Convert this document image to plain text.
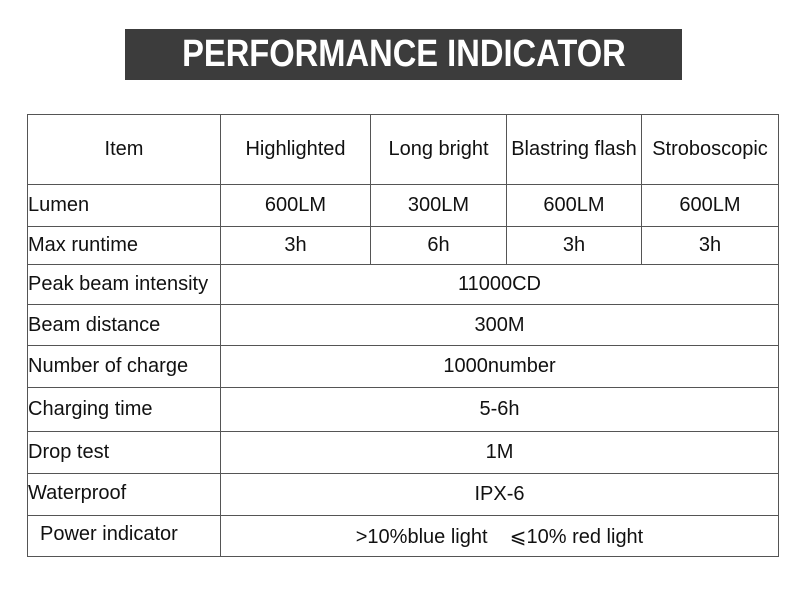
PERFORMANCE INDICATOR
Item	Highlighted	Long bright	Blastring flash	Stroboscopic
Lumen	600LM	300LM	600LM	600LM
Max runtime	3h	6h	3h	3h
Peak beam intensity	11000CD			
Beam distance	300M			
Number of charge	1000number			
Charging time	5-6h			
Drop test	1M			
Waterproof	IPX-6			
Power indicator	>10%blue light    ⩽10% red light			
